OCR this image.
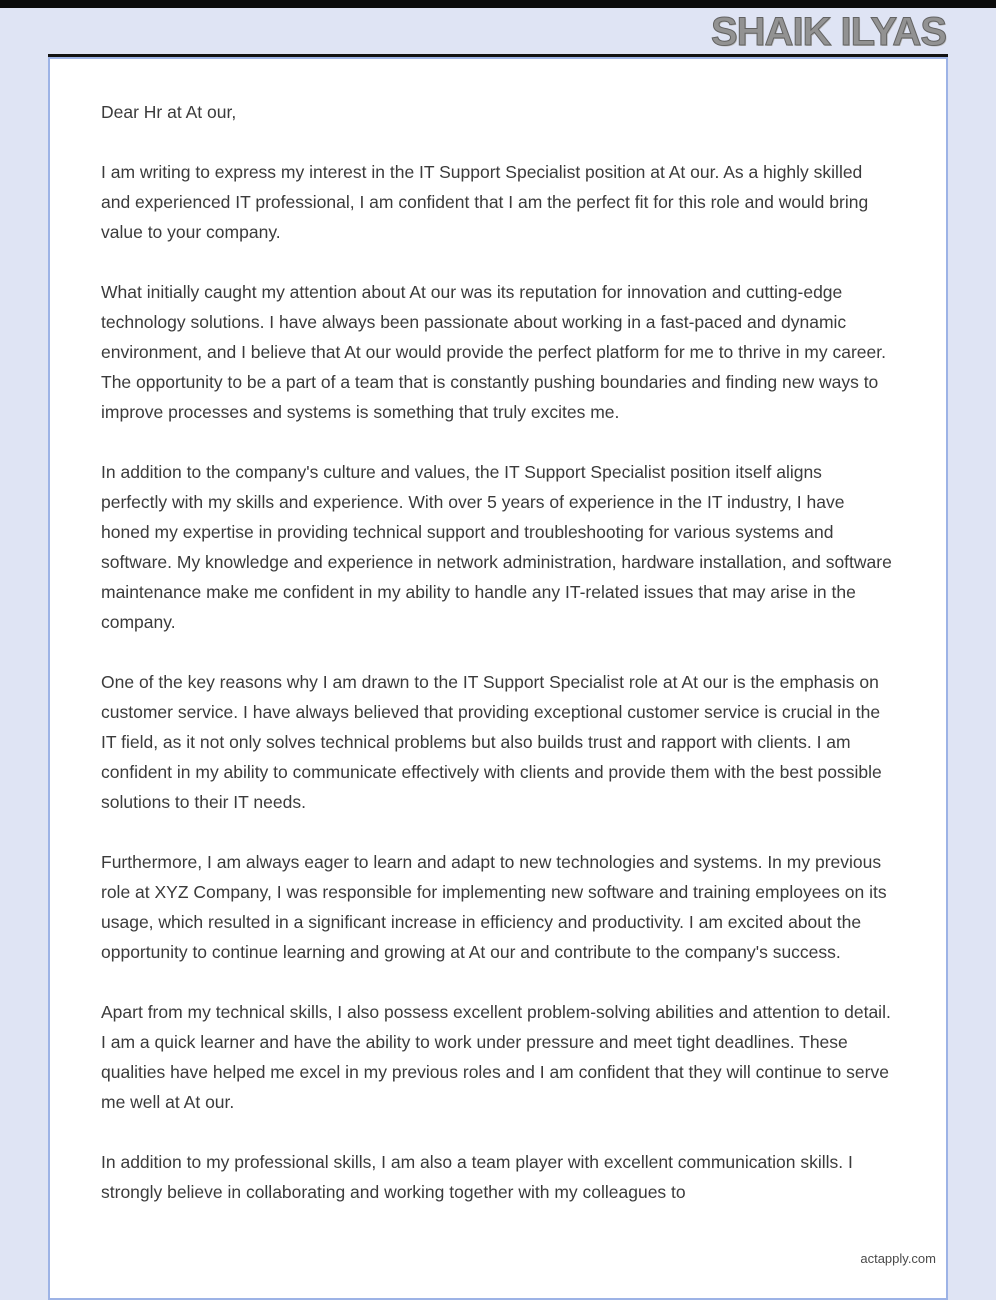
SHAIK ILYAS

Dear Hr at At our,

I am writing to express my interest in the IT Support Specialist position at At our. As a highly skilled and experienced IT professional, I am confident that I am the perfect fit for this role and would bring value to your company.

What initially caught my attention about At our was its reputation for innovation and cutting-edge technology solutions. I have always been passionate about working in a fast-paced and dynamic environment, and I believe that At our would provide the perfect platform for me to thrive in my career. The opportunity to be a part of a team that is constantly pushing boundaries and finding new ways to improve processes and systems is something that truly excites me.

In addition to the company's culture and values, the IT Support Specialist position itself aligns perfectly with my skills and experience. With over 5 years of experience in the IT industry, I have honed my expertise in providing technical support and troubleshooting for various systems and software. My knowledge and experience in network administration, hardware installation, and software maintenance make me confident in my ability to handle any IT-related issues that may arise in the company.

One of the key reasons why I am drawn to the IT Support Specialist role at At our is the emphasis on customer service. I have always believed that providing exceptional customer service is crucial in the IT field, as it not only solves technical problems but also builds trust and rapport with clients. I am confident in my ability to communicate effectively with clients and provide them with the best possible solutions to their IT needs.

Furthermore, I am always eager to learn and adapt to new technologies and systems. In my previous role at XYZ Company, I was responsible for implementing new software and training employees on its usage, which resulted in a significant increase in efficiency and productivity. I am excited about the opportunity to continue learning and growing at At our and contribute to the company's success.

Apart from my technical skills, I also possess excellent problem-solving abilities and attention to detail. I am a quick learner and have the ability to work under pressure and meet tight deadlines. These qualities have helped me excel in my previous roles and I am confident that they will continue to serve me well at At our.

In addition to my professional skills, I am also a team player with excellent communication skills. I strongly believe in collaborating and working together with my colleagues to

actapply.com
